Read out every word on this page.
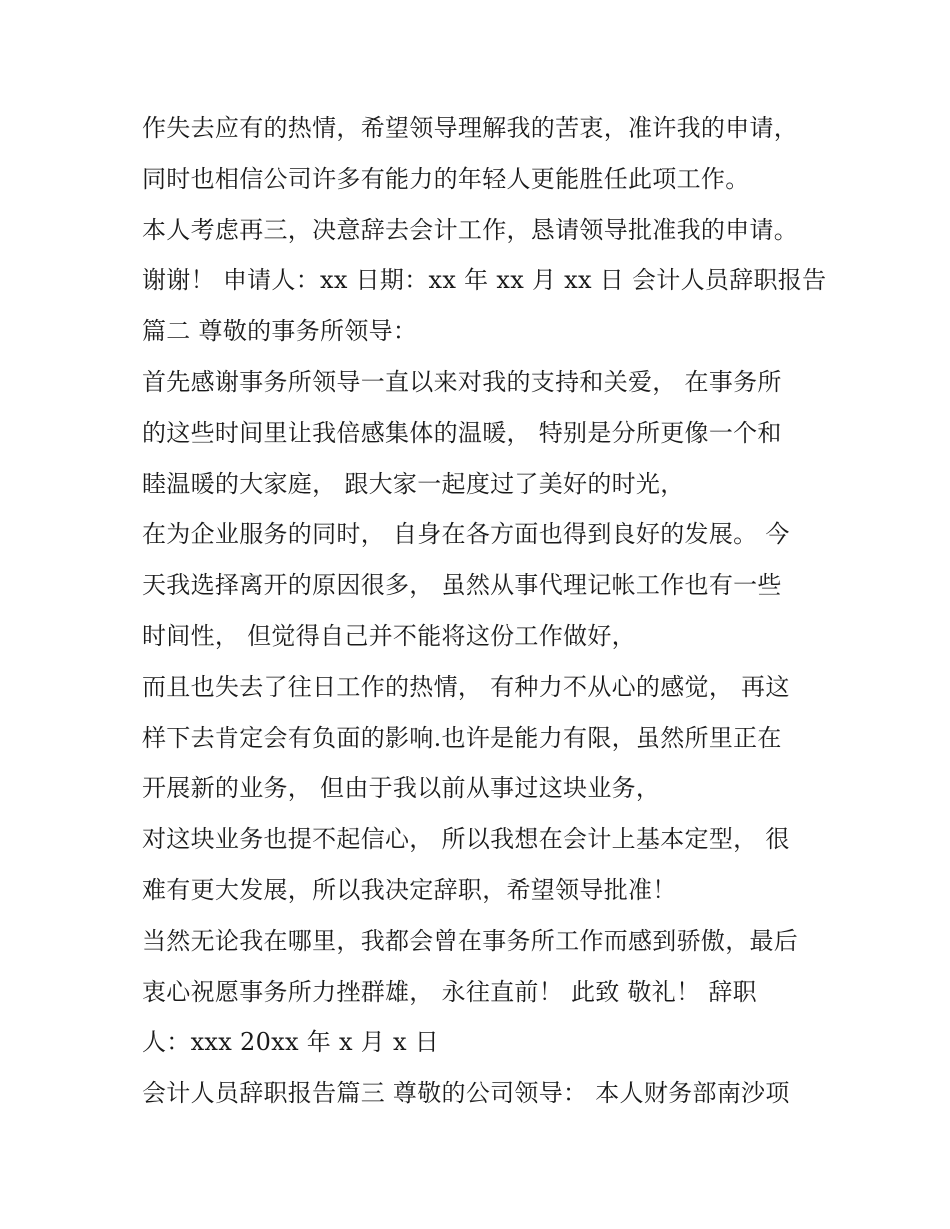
作失去应有的热情，希望领导理解我的苦衷，准许我的申请，
同时也相信公司许多有能力的年轻人更能胜任此项工作。
本人考虑再三，决意辞去会计工作，恳请领导批准我的申请。
谢谢！ 申请人：xx 日期：xx 年 xx 月 xx 日 会计人员辞职报告
篇二 尊敬的事务所领导：
首先感谢事务所领导一直以来对我的支持和关爱， 在事务所
的这些时间里让我倍感集体的温暖， 特别是分所更像一个和
睦温暖的大家庭， 跟大家一起度过了美好的时光，
在为企业服务的同时， 自身在各方面也得到良好的发展。 今
天我选择离开的原因很多， 虽然从事代理记帐工作也有一些
时间性， 但觉得自己并不能将这份工作做好，
而且也失去了往日工作的热情， 有种力不从心的感觉， 再这
样下去肯定会有负面的影响.也许是能力有限，虽然所里正在
开展新的业务， 但由于我以前从事过这块业务，
对这块业务也提不起信心， 所以我想在会计上基本定型， 很
难有更大发展，所以我决定辞职，希望领导批准！
当然无论我在哪里，我都会曾在事务所工作而感到骄傲，最后
衷心祝愿事务所力挫群雄， 永往直前！ 此致 敬礼！ 辞职
人：xxx 20xx 年 x 月 x 日
会计人员辞职报告篇三 尊敬的公司领导： 本人财务部南沙项
